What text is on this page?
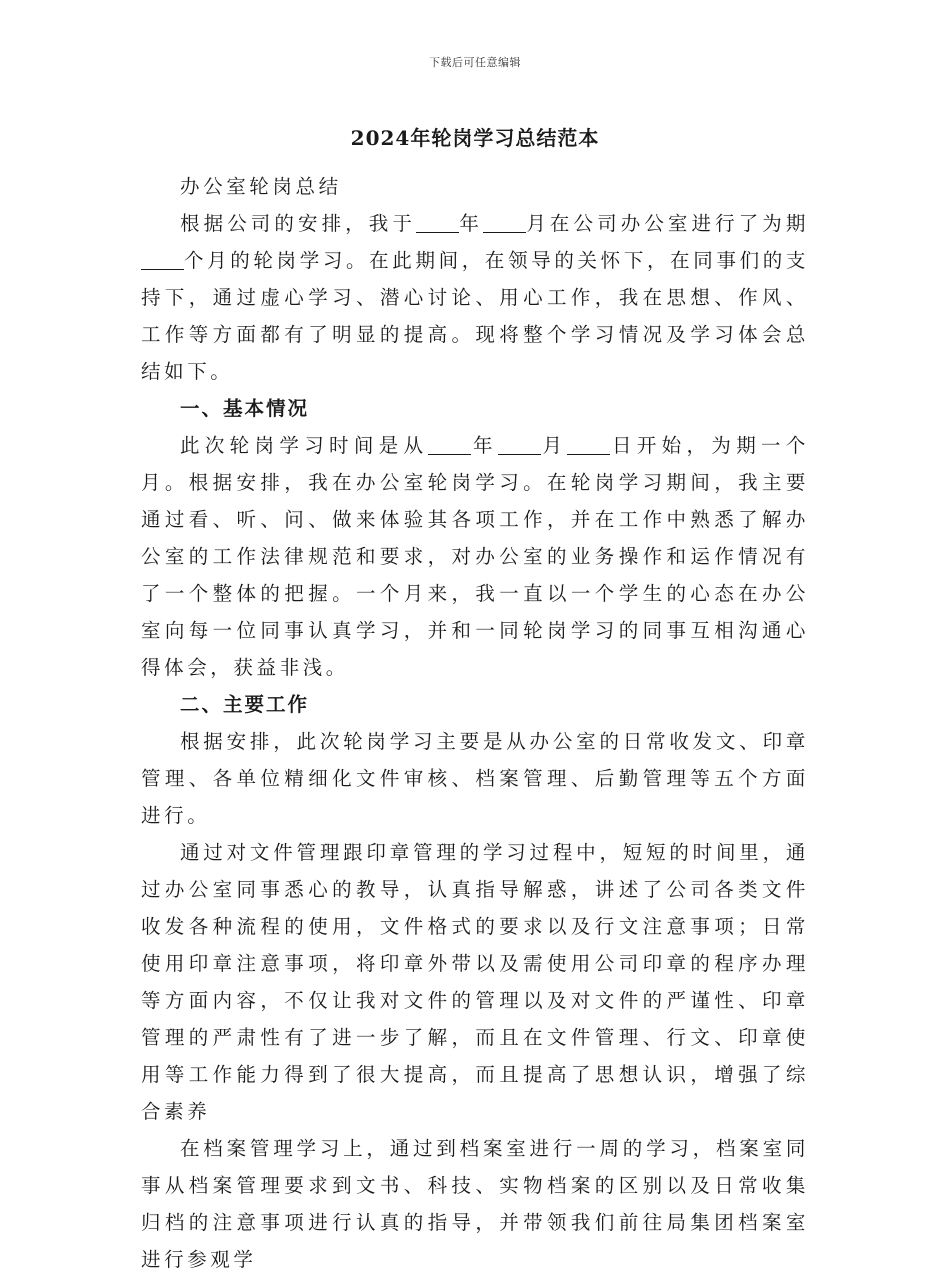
下载后可任意编辑
2024年轮岗学习总结范本

办公室轮岗总结

根据公司的安排，我于 年 月在公司办公室进行了为期个月的轮岗学习。在此期间，在领导的关怀下，在同事们的支持下，通过虚心学习、潜心讨论、用心工作，我在思想、作风、工作等方面都有了明显的提高。现将整个学习情况及学习体会总结如下。

一、基本情况

此次轮岗学习时间是从 年 月 日开始，为期一个月。根据安排，我在办公室轮岗学习。在轮岗学习期间，我主要通过看、听、问、做来体验其各项工作，并在工作中熟悉了解办公室的工作法律规范和要求，对办公室的业务操作和运作情况有了一个整体的把握。一个月来，我一直以一个学生的心态在办公室向每一位同事认真学习，并和一同轮岗学习的同事互相沟通心得体会，获益非浅。

二、主要工作

根据安排，此次轮岗学习主要是从办公室的日常收发文、印章管理、各单位精细化文件审核、档案管理、后勤管理等五个方面进行。

通过对文件管理跟印章管理的学习过程中，短短的时间里，通过办公室同事悉心的教导，认真指导解惑，讲述了公司各类文件收发各种流程的使用，文件格式的要求以及行文注意事项；日常使用印章注意事项，将印章外带以及需使用公司印章的程序办理等方面内容，不仅让我对文件的管理以及对文件的严谨性、印章管理的严肃性有了进一步了解，而且在文件管理、行文、印章使用等工作能力得到了很大提高，而且提高了思想认识，增强了综合素养

在档案管理学习上，通过到档案室进行一周的学习，档案室同事从档案管理要求到文书、科技、实物档案的区别以及日常收集归档的注意事项进行认真的指导，并带领我们前往局集团档案室进行参观学
